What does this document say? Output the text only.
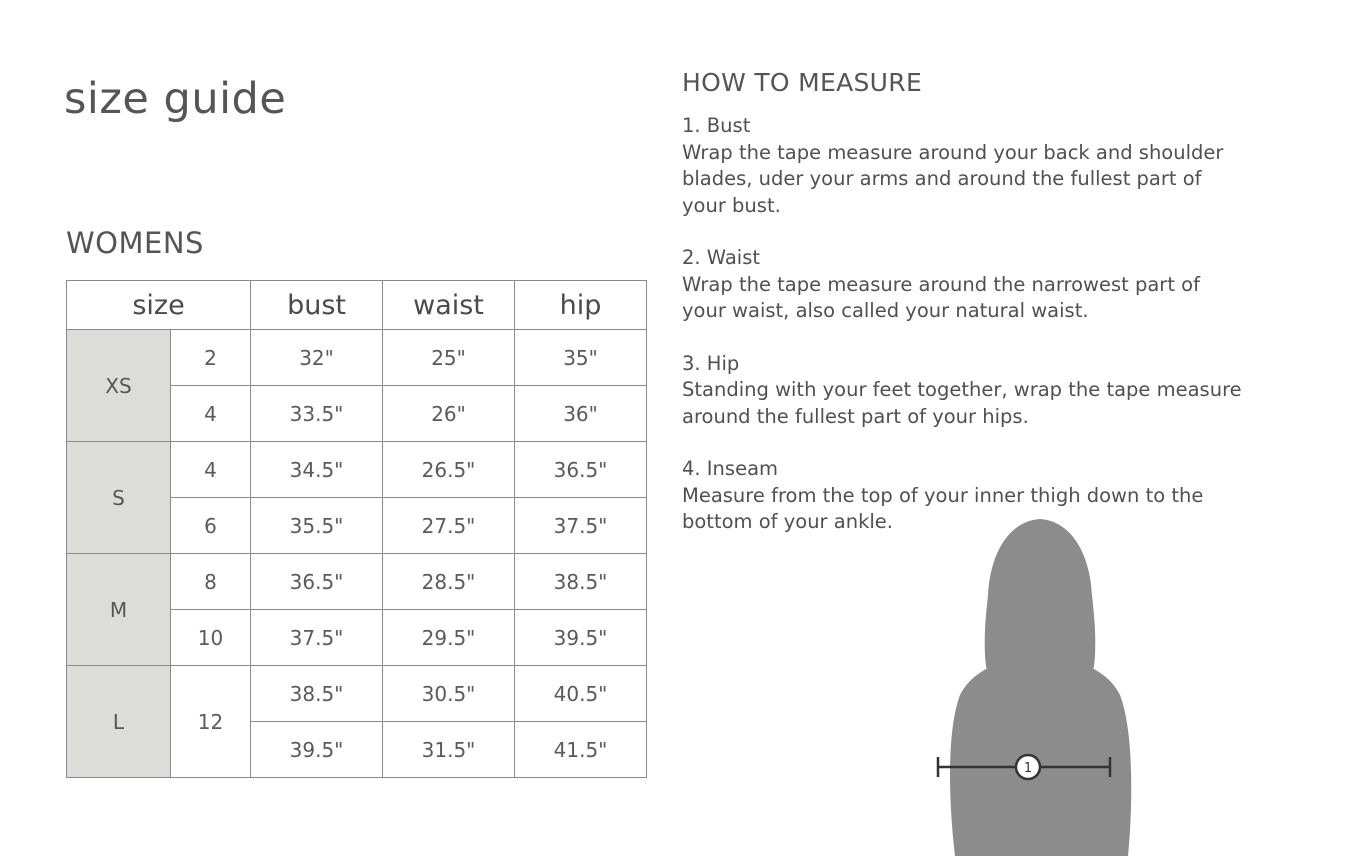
size guide
WOMENS
size		bust	waist	hip
XS	2	32"	25"	35"
	4	33.5"	26"	36"
S	4	34.5"	26.5"	36.5"
	6	35.5"	27.5"	37.5"
M	8	36.5"	28.5"	38.5"
	10	37.5"	29.5"	39.5"
L	12	38.5"	30.5"	40.5"
		39.5"	31.5"	41.5"
HOW TO MEASURE

1. Bust

Wrap the tape measure around your back and shoulder blades, uder your arms and around the fullest part of your bust.

2. Waist

Wrap the tape measure around the narrowest part of your waist, also called your natural waist.

3. Hip

Standing with your feet together, wrap the tape measure around the fullest part of your hips.

4. Inseam

Measure from the top of your inner thigh down to the bottom of your ankle.

1
